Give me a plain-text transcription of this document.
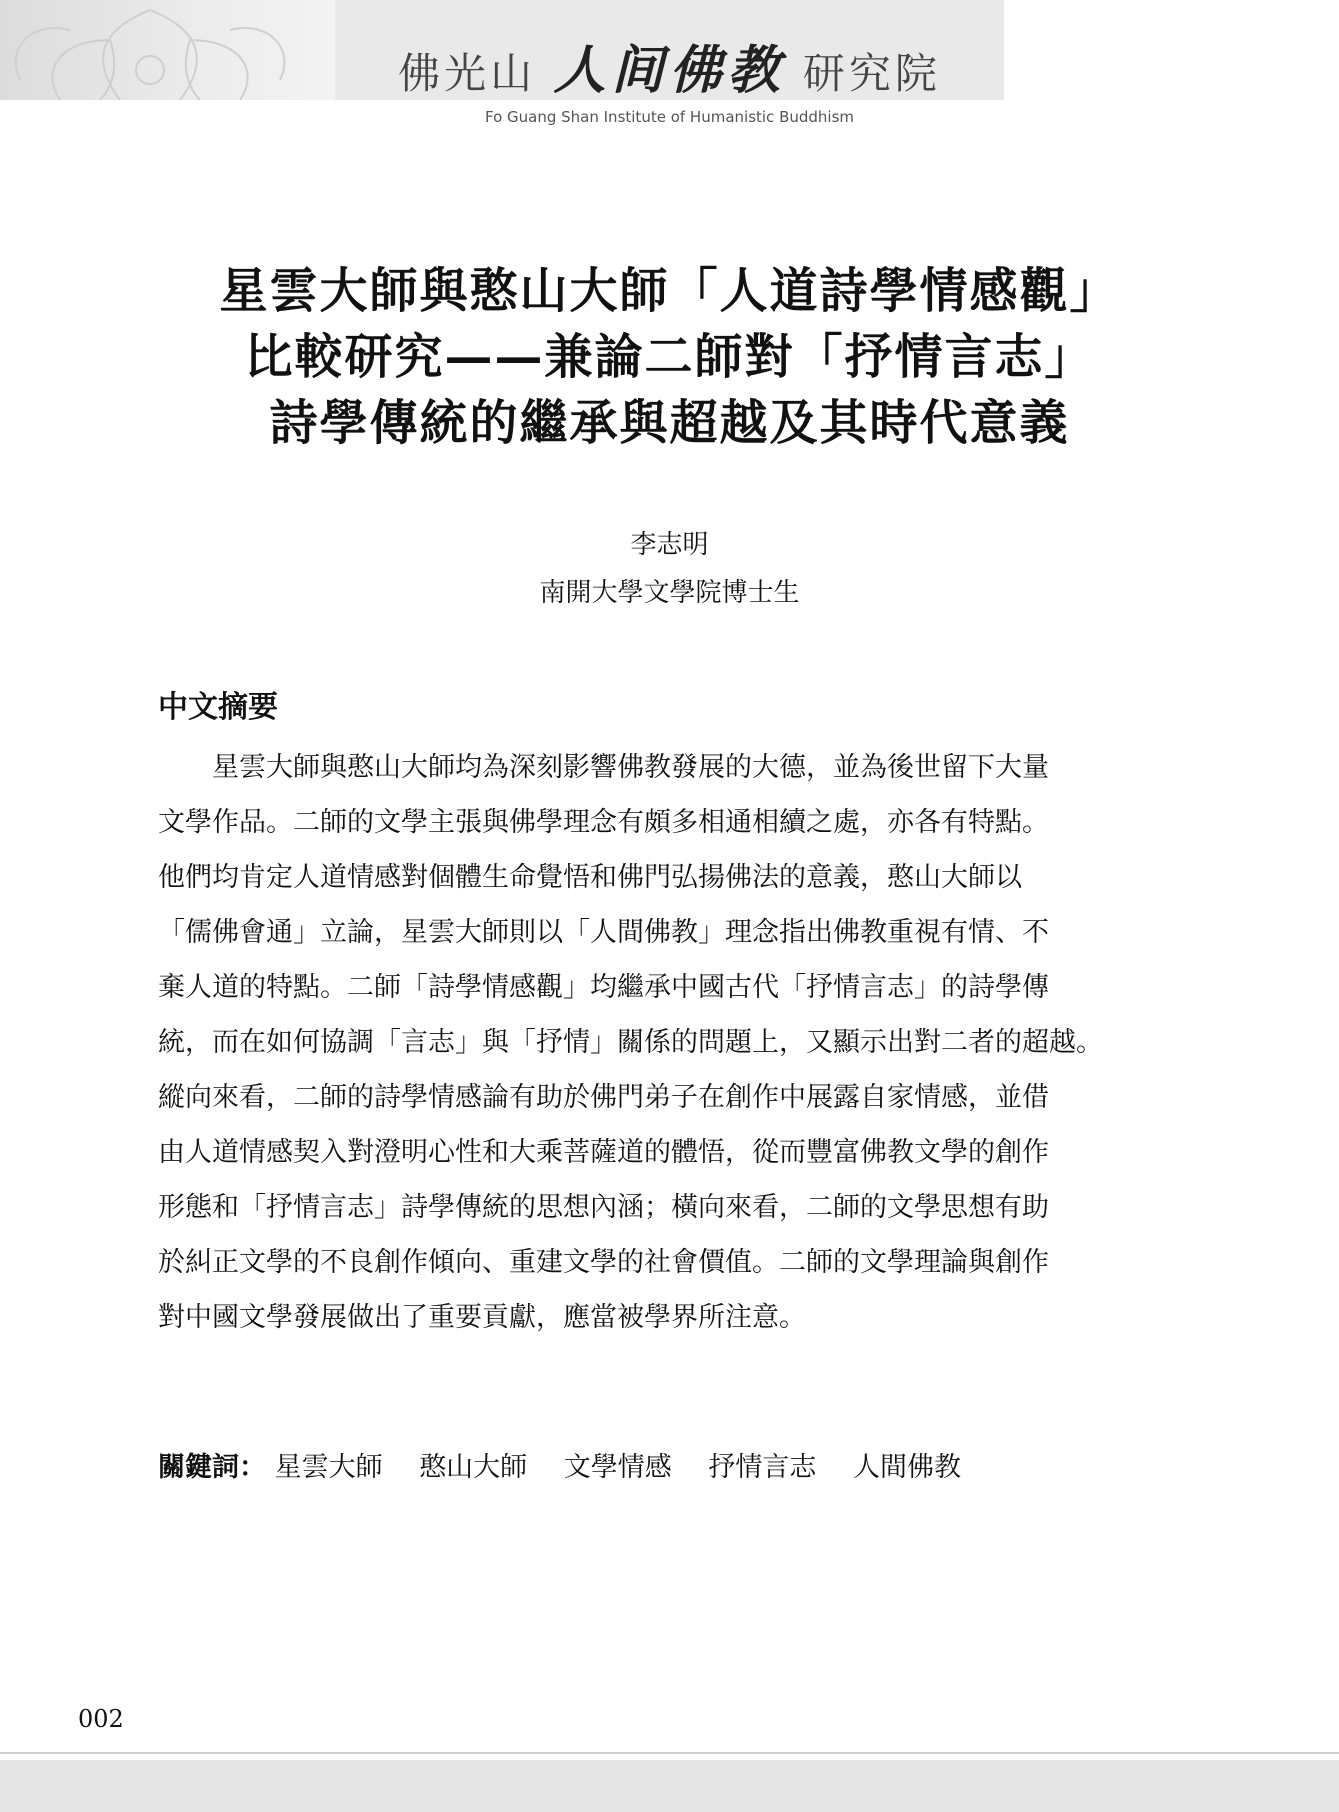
佛光山 人间佛教 研究院
Fo Guang Shan Institute of Humanistic Buddhism
星雲大師與憨山大師「人道詩學情感觀」
比較研究——兼論二師對「抒情言志」
詩學傳統的繼承與超越及其時代意義
李志明
南開大學文學院博士生
中文摘要
星雲大師與憨山大師均為深刻影響佛教發展的大德，並為後世留下大量
文學作品。二師的文學主張與佛學理念有頗多相通相續之處，亦各有特點。
他們均肯定人道情感對個體生命覺悟和佛門弘揚佛法的意義，憨山大師以
「儒佛會通」立論，星雲大師則以「人間佛教」理念指出佛教重視有情、不
棄人道的特點。二師「詩學情感觀」均繼承中國古代「抒情言志」的詩學傳
統，而在如何協調「言志」與「抒情」關係的問題上，又顯示出對二者的超越。
縱向來看，二師的詩學情感論有助於佛門弟子在創作中展露自家情感，並借
由人道情感契入對澄明心性和大乘菩薩道的體悟，從而豐富佛教文學的創作
形態和「抒情言志」詩學傳統的思想內涵；橫向來看，二師的文學思想有助
於糾正文學的不良創作傾向、重建文學的社會價值。二師的文學理論與創作
對中國文學發展做出了重要貢獻，應當被學界所注意。
關鍵詞： 星雲大師 憨山大師 文學情感 抒情言志 人間佛教
002
